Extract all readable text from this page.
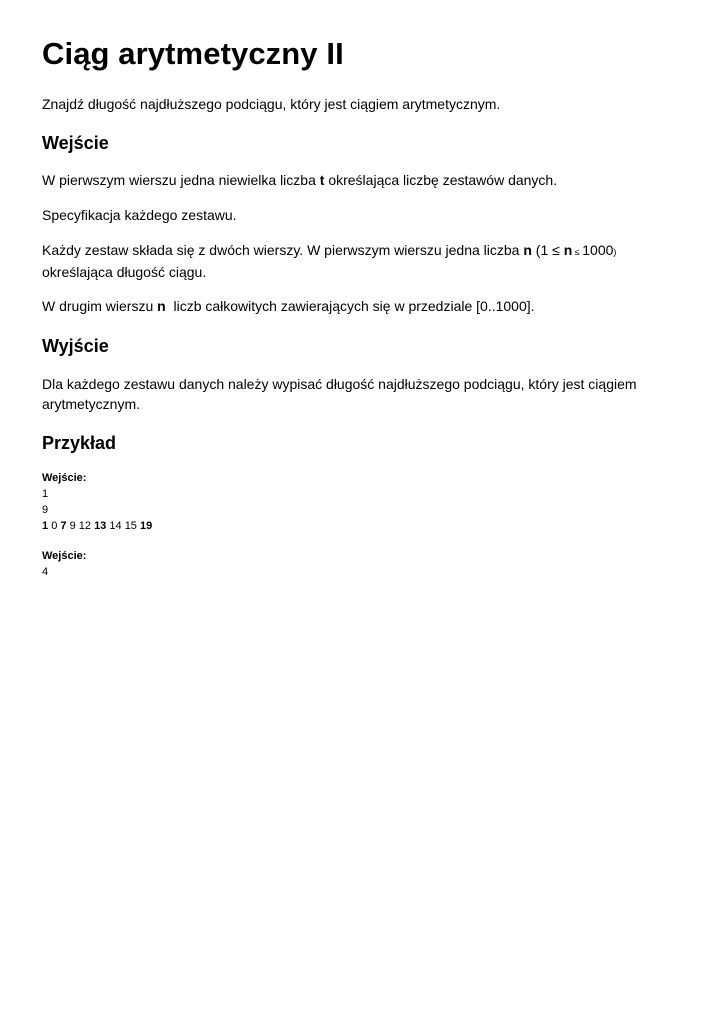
Ciąg arytmetyczny II

Znajdź długość najdłuższego podciągu, który jest ciągiem arytmetycznym.

Wejście

W pierwszym wierszu jedna niewielka liczba t określająca liczbę zestawów danych.

Specyfikacja każdego zestawu.

Każdy zestaw składa się z dwóch wierszy. W pierwszym wierszu jedna liczba n (1 ≤ n ≤ 1000)
określająca długość ciągu.

W drugim wierszu n  liczb całkowitych zawierających się w przedziale [0..1000].

Wyjście

Dla każdego zestawu danych należy wypisać długość najdłuższego podciągu, który jest ciągiem arytmetycznym.

Przykład

Wejście:

1

9

1 0 7 9 12 13 14 15 19

Wejście:

4
